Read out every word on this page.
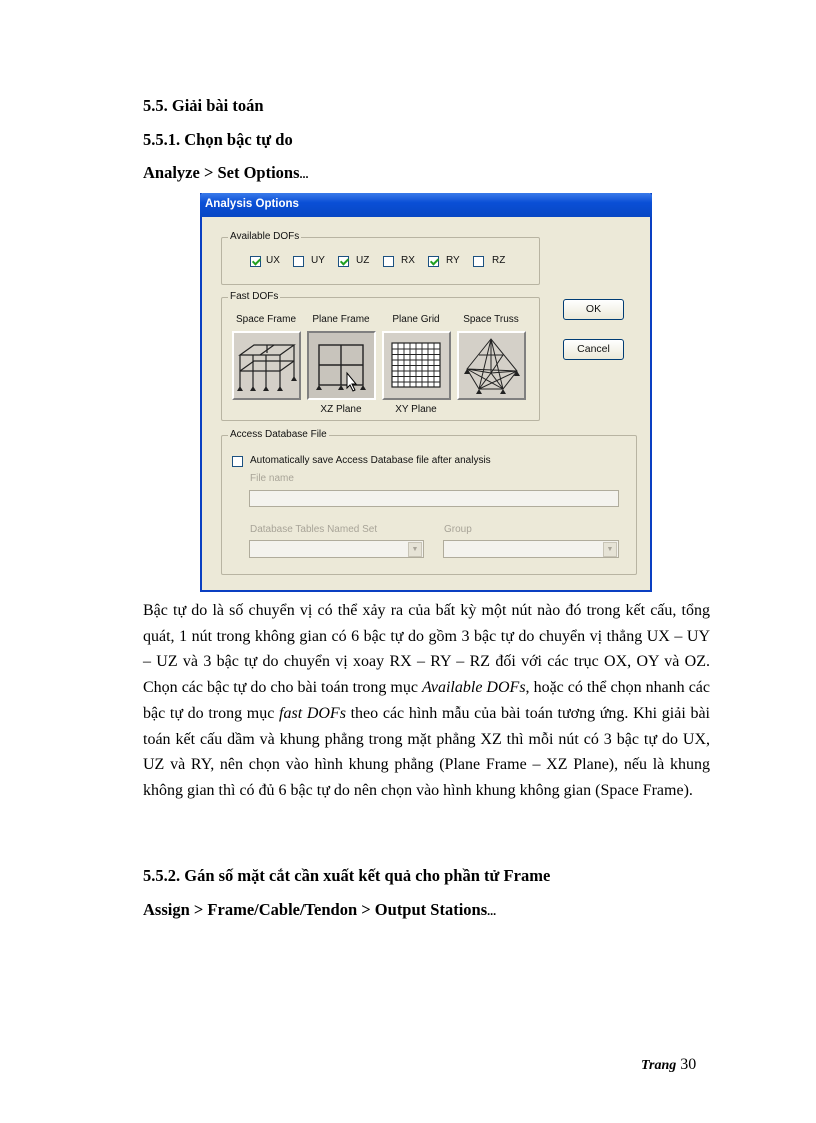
5.5. Giải bài toán
5.5.1. Chọn bậc tự do
Analyze > Set Options...
Analysis Options
Available DOFs
UX	UY	UZ	RX	RY	RZ
Fast DOFs
Space Frame	Plane Frame	Plane Grid	Space Truss
XZ Plane	XY Plane
OK
Cancel
Access Database File
Automatically save Access Database file after analysis
File name
Database Tables Named Set
▼
Group
▼
Bậc tự do là số chuyển vị có thể xảy ra của bất kỳ một nút nào đó trong kết cấu, tổng quát, 1 nút trong không gian có 6 bậc tự do gồm 3 bậc tự do chuyển vị thẳng UX – UY – UZ và 3 bậc tự do chuyển vị xoay RX – RY – RZ đối với các trục OX, OY và OZ. Chọn các bậc tự do cho bài toán trong mục Available DOFs, hoặc có thể chọn nhanh các bậc tự do trong mục fast DOFs theo các hình mẫu của bài toán tương ứng. Khi giải bài toán kết cấu dầm và khung phẳng trong mặt phẳng XZ thì mỗi nút có 3 bậc tự do UX, UZ và RY, nên chọn vào hình khung phẳng (Plane Frame – XZ Plane), nếu là khung không gian thì có đủ 6 bậc tự do nên chọn vào hình khung không gian (Space Frame).
5.5.2. Gán số mặt cắt cần xuất kết quả cho phần tử Frame
Assign > Frame/Cable/Tendon > Output Stations...
Trang 30
